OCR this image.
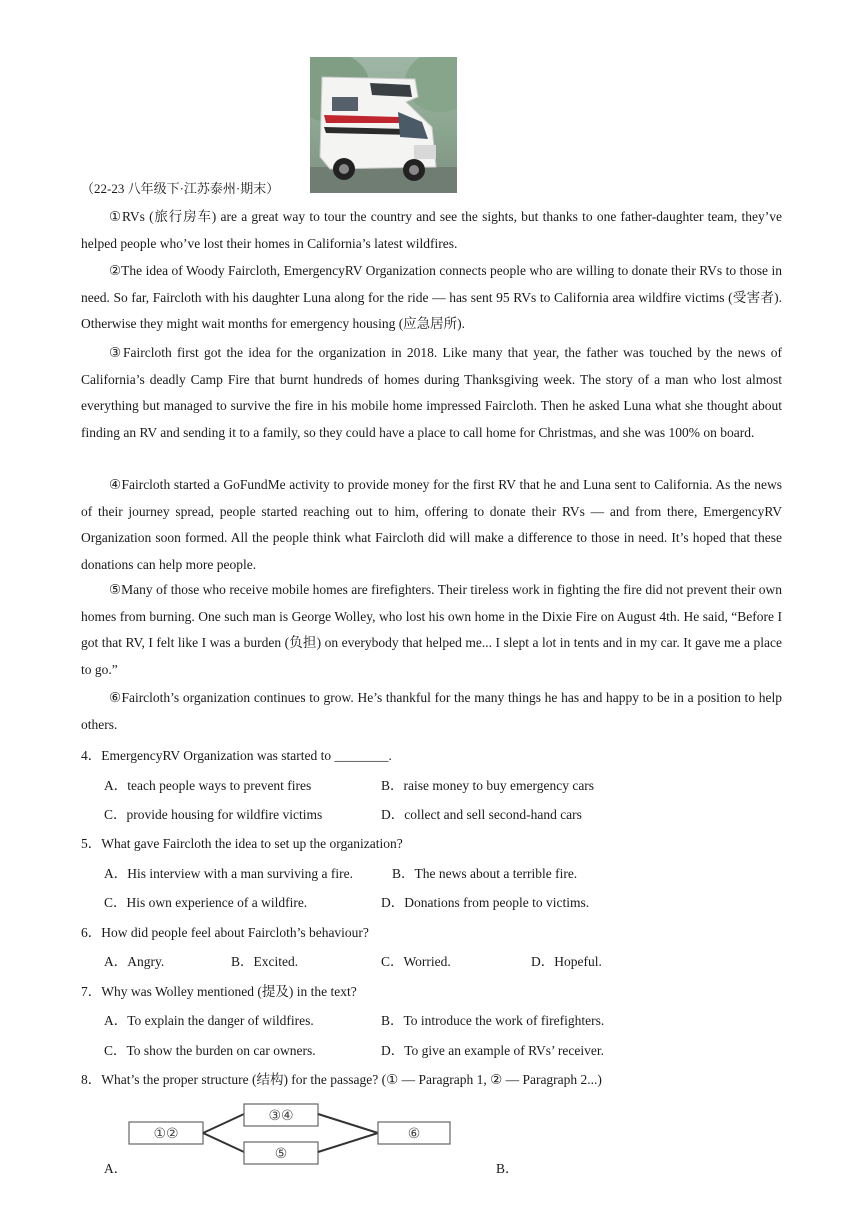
（22-23 八年级下·江苏泰州·期末）

①RVs (旅行房车) are a great way to tour the country and see the sights, but thanks to one father-daughter team, they’ve helped people who’ve lost their homes in California’s latest wildfires.

②The idea of Woody Faircloth, EmergencyRV Organization connects people who are willing to donate their RVs to those in need. So far, Faircloth with his daughter Luna along for the ride — has sent 95 RVs to California area wildfire victims (受害者). Otherwise they might wait months for emergency housing (应急居所).

③Faircloth first got the idea for the organization in 2018. Like many that year, the father was touched by the news of California’s deadly Camp Fire that burnt hundreds of homes during Thanksgiving week. The story of a man who lost almost everything but managed to survive the fire in his mobile home impressed Faircloth. Then he asked Luna what she thought about finding an RV and sending it to a family, so they could have a place to call home for Christmas, and she was 100% on board.

④Faircloth started a GoFundMe activity to provide money for the first RV that he and Luna sent to California. As the news of their journey spread, people started reaching out to him, offering to donate their RVs — and from there, EmergencyRV Organization soon formed. All the people think what Faircloth did will make a difference to those in need. It’s hoped that these donations can help more people.

⑤Many of those who receive mobile homes are firefighters. Their tireless work in fighting the fire did not prevent their own homes from burning. One such man is George Wolley, who lost his own home in the Dixie Fire on August 4th. He said, “Before I got that RV, I felt like I was a burden (负担) on everybody that helped me... I slept a lot in tents and in my car. It gave me a place to go.”

⑥Faircloth’s organization continues to grow. He’s thankful for the many things he has and happy to be in a position to help others.

4．EmergencyRV Organization was started to ________.
A．teach people ways to prevent fires	B．raise money to buy emergency cars
C．provide housing for wildfire victims	D．collect and sell second-hand cars
5．What gave Faircloth the idea to set up the organization?
A．His interview with a man surviving a fire.	B．The news about a terrible fire.
C．His own experience of a wildfire.	D．Donations from people to victims.
6．How did people feel about Faircloth’s behaviour?
A．Angry.	B．Excited.	C．Worried.	D．Hopeful.
7．Why was Wolley mentioned (提及) in the text?
A．To explain the danger of wildfires.	B．To introduce the work of firefighters.
C．To show the burden on car owners.	D．To give an example of RVs’ receiver.
8．What’s the proper structure (结构) for the passage? (① — Paragraph 1, ② — Paragraph 2...)
①②
③④
⑤
⑥
A．	B．
